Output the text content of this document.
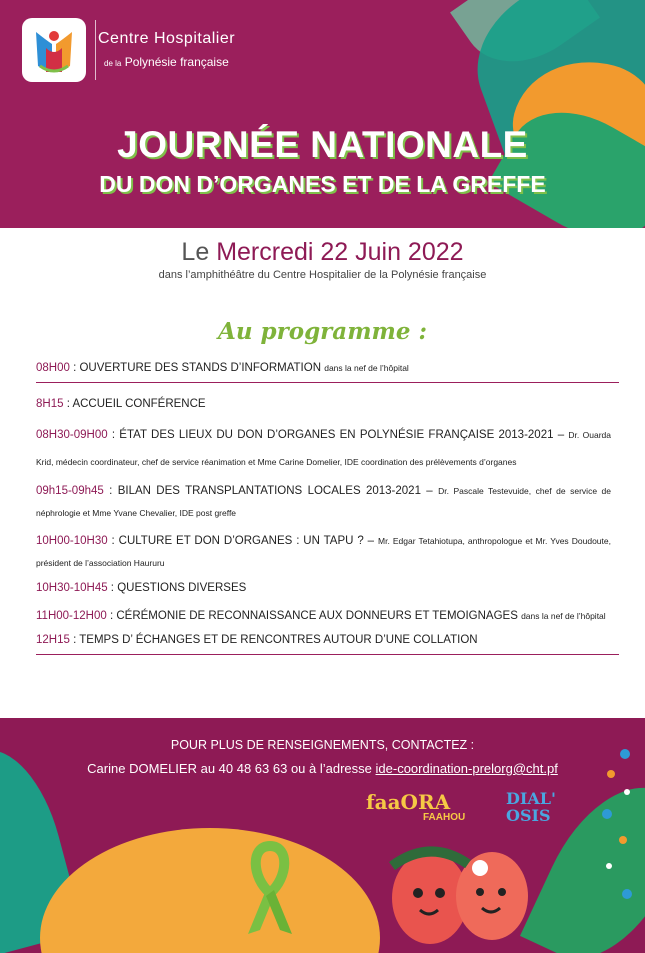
Centre Hospitalier
de la Polynésie française
JOURNÉE NATIONALE
DU DON D’ORGANES ET DE LA GREFFE
Le Mercredi 22 Juin 2022
dans l’amphithéâtre du Centre Hospitalier de la Polynésie française
Au programme :
08H00 : OUVERTURE DES STANDS D’INFORMATION dans la nef de l’hôpital
8H15 : ACCUEIL CONFÉRENCE
08H30-09H00 : ÉTAT DES LIEUX DU DON D’ORGANES EN POLYNÉSIE FRANÇAISE 2013-2021 – Dr. Ouarda Krid, médecin coordinateur, chef de service réanimation et Mme Carine Domelier, IDE coordination des prélèvements d’organes
09h15-09h45 : BILAN DES TRANSPLANTATIONS LOCALES 2013-2021 – Dr. Pascale Testevuide, chef de service de néphrologie et Mme Yvane Chevalier, IDE post greffe
10H00-10H30 : CULTURE ET DON D’ORGANES : UN TAPU ? – Mr. Edgar Tetahiotupa, anthropologue et Mr. Yves Doudoute, président de l’association Haururu
10H30-10H45 : QUESTIONS DIVERSES
11H00-12H00 : CÉRÉMONIE DE RECONNAISSANCE AUX DONNEURS ET TEMOIGNAGES dans la nef de l’hôpital
12H15 : TEMPS D’ ÉCHANGES ET DE RENCONTRES AUTOUR D’UNE COLLATION
POUR PLUS DE RENSEIGNEMENTS, CONTACTEZ :
Carine DOMELIER au 40 48 63 63 ou à l’adresse ide-coordination-prelorg@cht.pf
faaORA
FAAHOU
DIAL'
OSIS
